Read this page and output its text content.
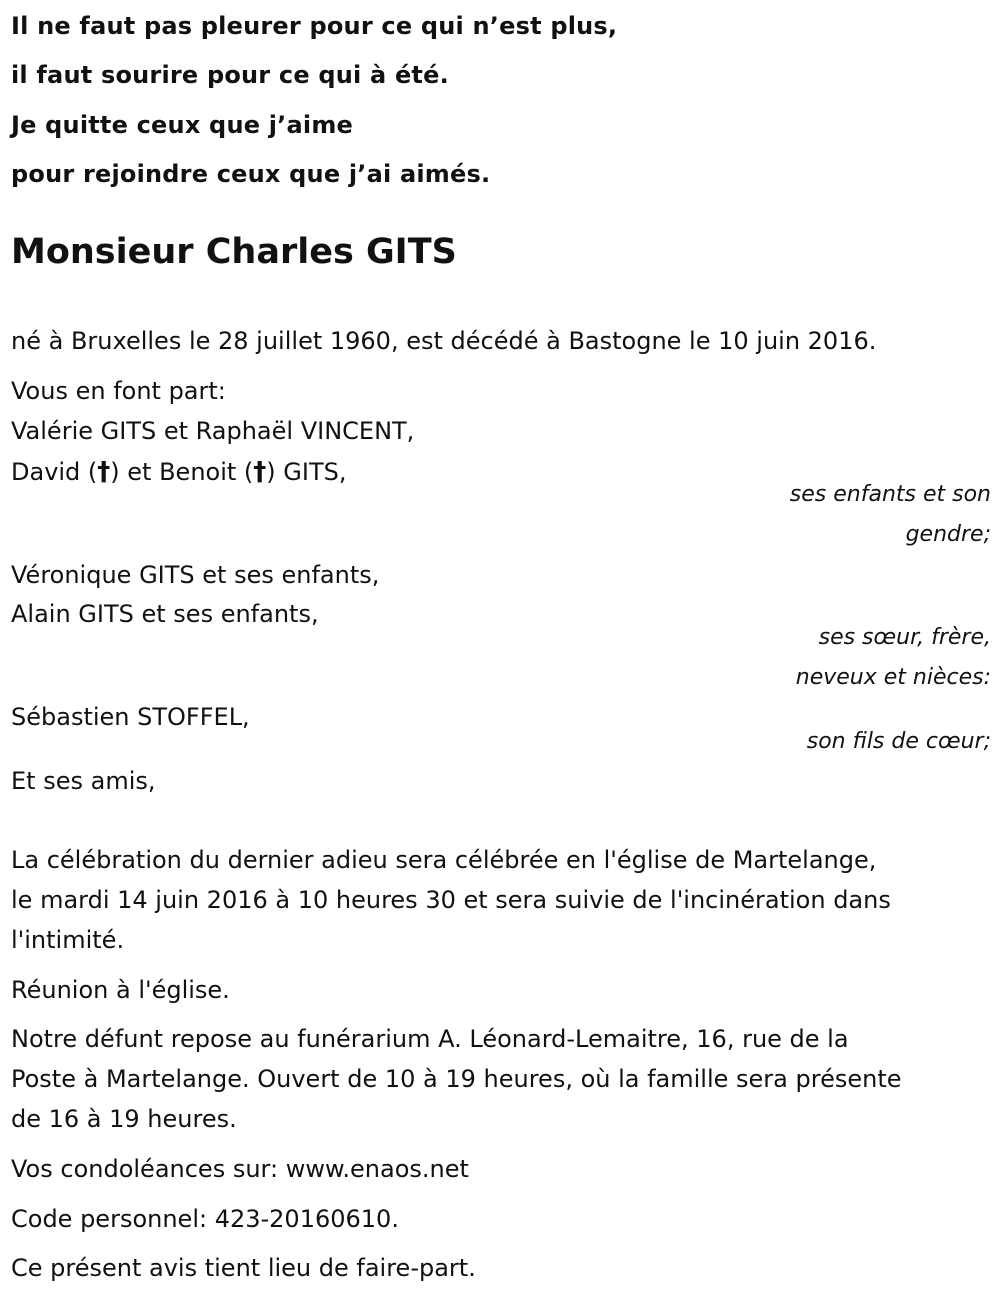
Il ne faut pas pleurer pour ce qui n’est plus,
il faut sourire pour ce qui à été.
Je quitte ceux que j’aime
pour rejoindre ceux que j’ai aimés.
Monsieur Charles GITS
né à Bruxelles le 28 juillet 1960, est décédé à Bastogne le 10 juin 2016.
Vous en font part:
Valérie GITS et Raphaël VINCENT,
David (†) et Benoit (†) GITS,
ses enfants et son
gendre;
Véronique GITS et ses enfants,
Alain GITS et ses enfants,
ses sœur, frère,
neveux et nièces:
Sébastien STOFFEL,
son fils de cœur;
Et ses amis,
La célébration du dernier adieu sera célébrée en l'église de Martelange,
le mardi 14 juin 2016 à 10 heures 30 et sera suivie de l'incinération dans
l'intimité.
Réunion à l'église.
Notre défunt repose au funérarium A. Léonard-Lemaitre, 16, rue de la
Poste à Martelange. Ouvert de 10 à 19 heures, où la famille sera présente
de 16 à 19 heures.
Vos condoléances sur: www.enaos.net
Code personnel: 423-20160610.
Ce présent avis tient lieu de faire-part.
